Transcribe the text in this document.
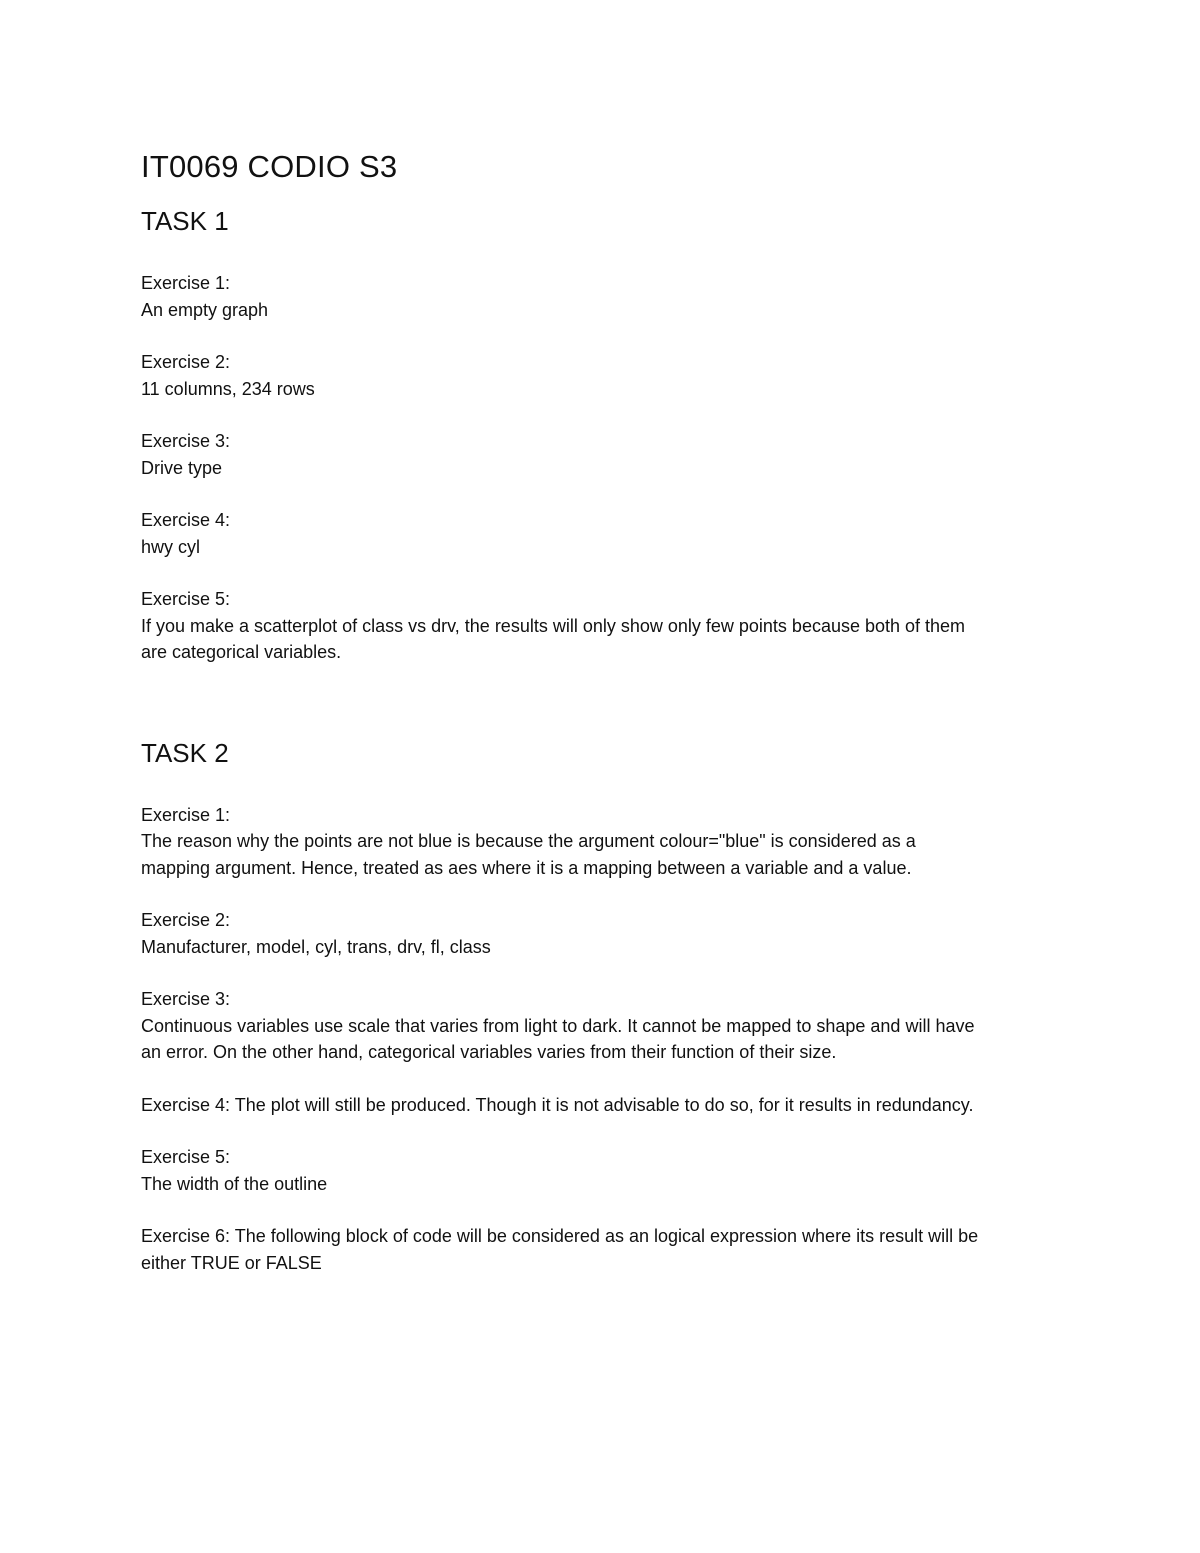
IT0069 CODIO S3
TASK 1
Exercise 1:
An empty graph
Exercise 2:
11 columns, 234 rows
Exercise 3:
Drive type
Exercise 4:
hwy cyl
Exercise 5:
If you make a scatterplot of class vs drv, the results will only show only few points because both of them
are categorical variables.
TASK 2
Exercise 1:
The reason why the points are not blue is because the argument colour="blue" is considered as a
mapping argument. Hence, treated as aes where it is a mapping between a variable and a value.
Exercise 2:
Manufacturer, model, cyl, trans, drv, fl, class
Exercise 3:
Continuous variables use scale that varies from light to dark. It cannot be mapped to shape and will have
an error. On the other hand, categorical variables varies from their function of their size.
Exercise 4: The plot will still be produced. Though it is not advisable to do so, for it results in redundancy.
Exercise 5:
The width of the outline
Exercise 6: The following block of code will be considered as an logical expression where its result will be
either TRUE or FALSE
